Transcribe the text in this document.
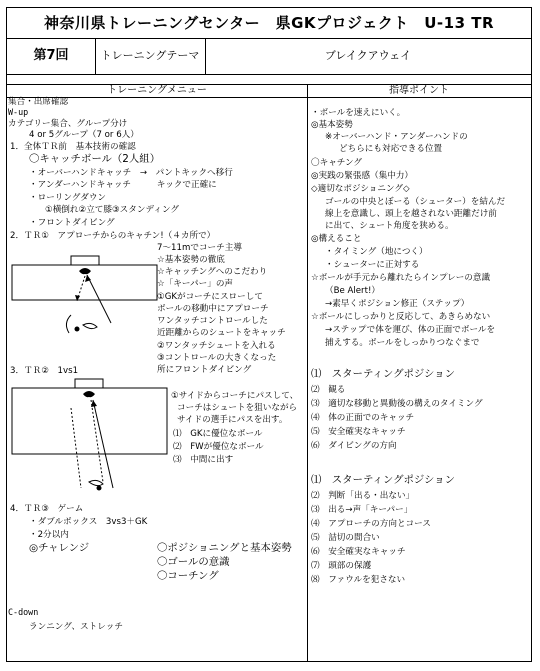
神奈川県トレーニングセンター　県GKプロジェクト　U-13 TR
第7回	トレーニングテーマ	ブレイクアウェイ
トレーニングメニュー	指導ポイント
集合・出席確認
W-up
カテゴリー集合、グループ分け
4 or 5グループ（7 or 6人）
1．全体ＴＲ前　基本技術の確認
〇キャッチボール（2人組）
・オーバーハンドキャッチ　→　パントキックへ移行
・アンダーハンドキャッチ　　　キックで正確に
・ローリングダウン
①横倒れ②立て膝③スタンディング
・フロントダイビング
2．ＴＲ①　アプローチからのキャチン!（４カ所で）
7～11mでコーチ主導
☆基本姿勢の徹底
☆キャッチングへのこだわり
☆「キーパー」の声
①GKがコーチにスローして
ボールの移動中にアプローチ
ワンタッチコントロールした
近距離からのシュートをキャッチ
②ワンタッチシュートを入れる
③コントロールの大きくなった
所にフロントダイビング
3．ＴＲ②　1vs1
①サイドからコーチにパスして、
コーチはシュートを狙いながら
サイドの選手にパスを出す。
⑴　GKに優位なボール
⑵　FWが優位なボール
⑶　中間に出す
4．ＴＲ③　ゲーム
・ダブルボックス　3vs3＋GK
・2分以内
◎チャレンジ	〇ポジショニングと基本姿勢
〇ゴールの意識
〇コーチング
C-down
ランニング、ストレッチ
・ボールを速えにいく。
◎基本姿勢
※オーバーハンド・アンダーハンドの
どちらにも対応できる位置
〇キャチング
◎実践の緊張感（集中力）
◇適切なポジショニング◇
ゴールの中央とぼーる（シューター）を結んだ
線上を意識し、頭上を越されない距離だけ前
に出て、シュート角度を狭める。
◎構えること
・タイミング（地につく）
・シューターに正対する
☆ボールが手元から離れたらインプレーの意識
（Be Alert!）
→素早くポジション修正（ステップ）
☆ボールにしっかりと反応して、あきらめない
→ステップで体を運び、体の正面でボールを
捕えする。ボールをしっかりつなぐまで
⑴　スターティングポジション
⑵　観る
⑶　適切な移動と異動後の構えのタイミング
⑷　体の正面でのキャッチ
⑸　安全確実なキャッチ
⑹　ダイビングの方向
⑴　スターティングポジション
⑵　判断「出る・出ない」
⑶　出る→声「キーパー」
⑷　アプローチの方向とコース
⑸　詰切の間合い
⑹　安全確実なキャッチ
⑺　頭部の保護
⑻　ファウルを犯さない
